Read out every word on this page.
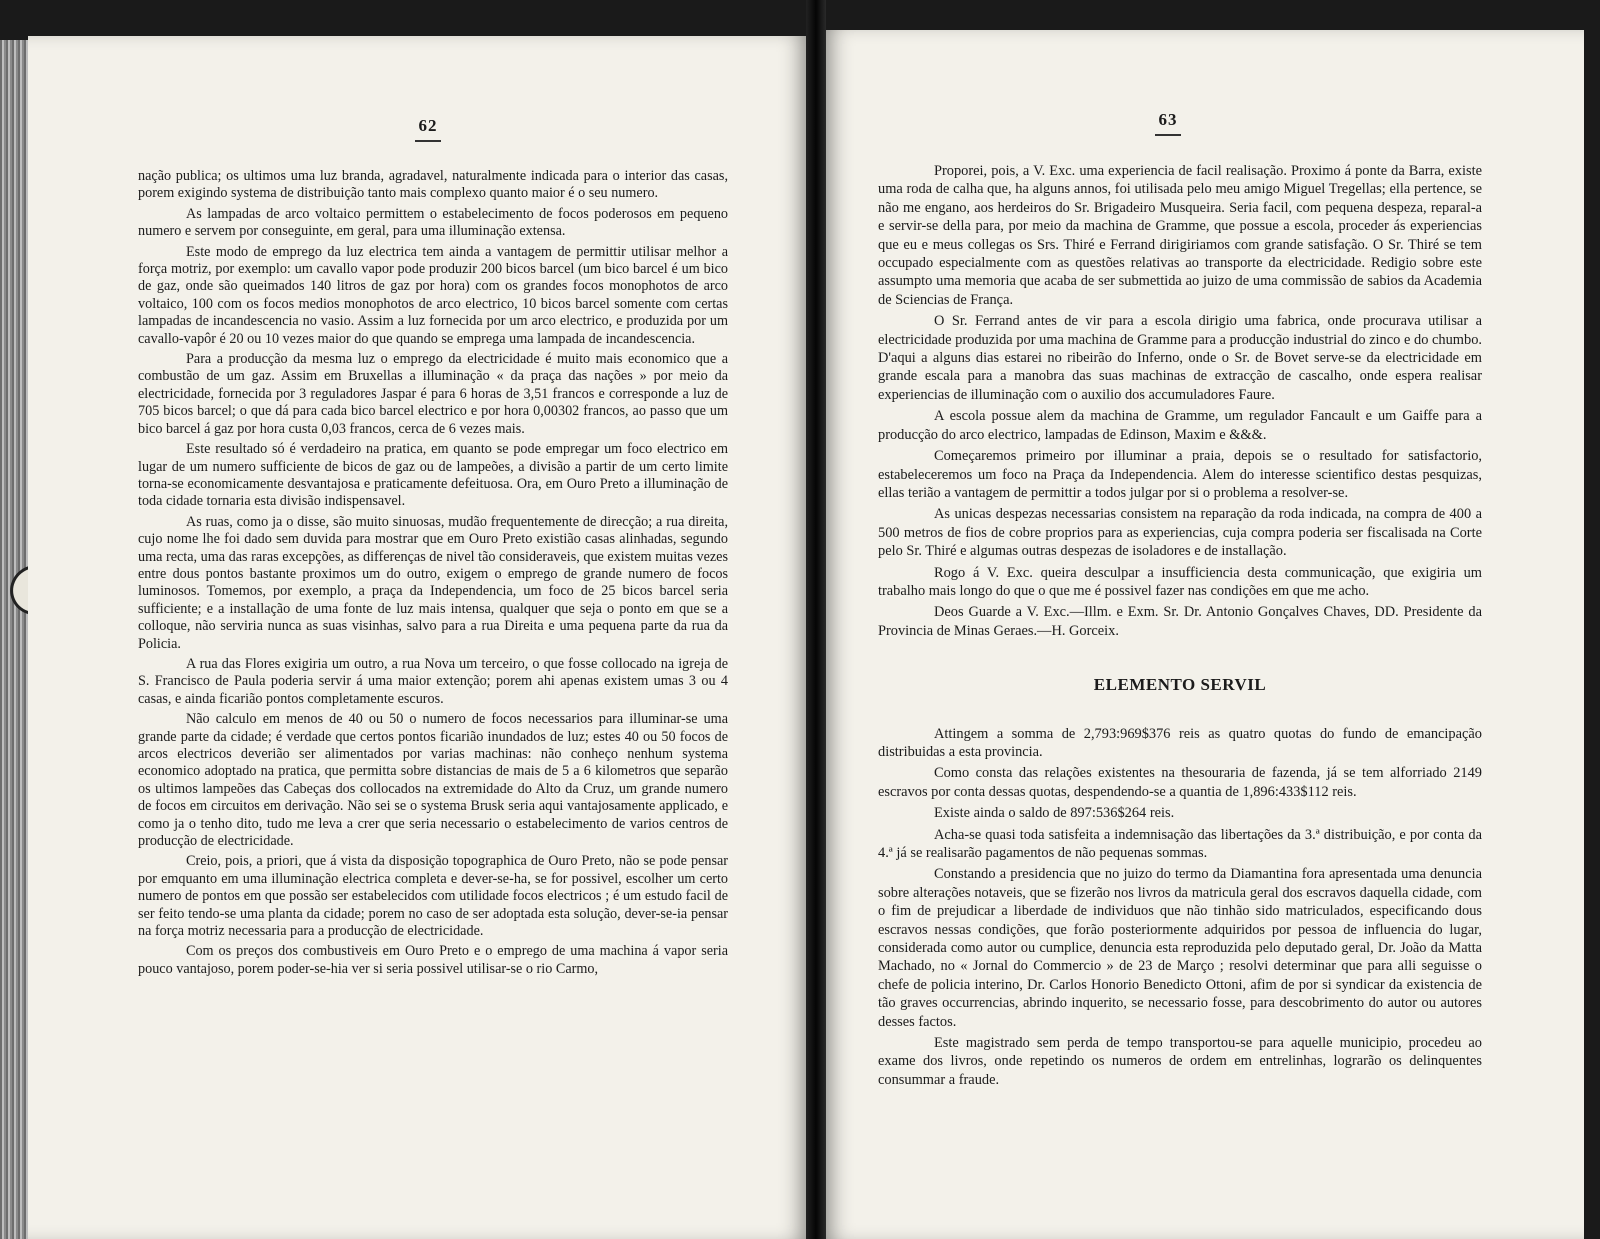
62

nação publica; os ultimos uma luz branda, agradavel, naturalmente indicada para o interior das casas, porem exigindo systema de distribuição tanto mais complexo quanto maior é o seu numero.

As lampadas de arco voltaico permittem o estabelecimento de focos poderosos em pequeno numero e servem por conseguinte, em geral, para uma illuminação extensa.

Este modo de emprego da luz electrica tem ainda a vantagem de permittir utilisar melhor a força motriz, por exemplo: um cavallo vapor pode produzir 200 bicos barcel (um bico barcel é um bico de gaz, onde são queimados 140 litros de gaz por hora) com os grandes focos monophotos de arco voltaico, 100 com os focos medios monophotos de arco electrico, 10 bicos barcel somente com certas lampadas de incandescencia no vasio. Assim a luz fornecida por um arco electrico, e produzida por um cavallo-vapôr é 20 ou 10 vezes maior do que quando se emprega uma lampada de incandescencia.

Para a producção da mesma luz o emprego da electricidade é muito mais economico que a combustão de um gaz. Assim em Bruxellas a illuminação « da praça das nações » por meio da electricidade, fornecida por 3 reguladores Jaspar é para 6 horas de 3,51 francos e corresponde a luz de 705 bicos barcel; o que dá para cada bico barcel electrico e por hora 0,00302 francos, ao passo que um bico barcel á gaz por hora custa 0,03 francos, cerca de 6 vezes mais.

Este resultado só é verdadeiro na pratica, em quanto se pode empregar um foco electrico em lugar de um numero sufficiente de bicos de gaz ou de lampeões, a divisão a partir de um certo limite torna-se economicamente desvantajosa e praticamente defeituosa. Ora, em Ouro Preto a illuminação de toda cidade tornaria esta divisão indispensavel.

As ruas, como ja o disse, são muito sinuosas, mudão frequentemente de direcção; a rua direita, cujo nome lhe foi dado sem duvida para mostrar que em Ouro Preto existião casas alinhadas, segundo uma recta, uma das raras excepções, as differenças de nivel tão consideraveis, que existem muitas vezes entre dous pontos bastante proximos um do outro, exigem o emprego de grande numero de focos luminosos. Tomemos, por exemplo, a praça da Independencia, um foco de 25 bicos barcel seria sufficiente; e a installação de uma fonte de luz mais intensa, qualquer que seja o ponto em que se a colloque, não serviria nunca as suas visinhas, salvo para a rua Direita e uma pequena parte da rua da Policia.

A rua das Flores exigiria um outro, a rua Nova um terceiro, o que fosse collocado na igreja de S. Francisco de Paula poderia servir á uma maior extenção; porem ahi apenas existem umas 3 ou 4 casas, e ainda ficarião pontos completamente escuros.

Não calculo em menos de 40 ou 50 o numero de focos necessarios para illuminar-se uma grande parte da cidade; é verdade que certos pontos ficarião inundados de luz; estes 40 ou 50 focos de arcos electricos deverião ser alimentados por varias machinas: não conheço nenhum systema economico adoptado na pratica, que permitta sobre distancias de mais de 5 a 6 kilometros que separão os ultimos lampeões das Cabeças dos collocados na extremidade do Alto da Cruz, um grande numero de focos em circuitos em derivação. Não sei se o systema Brusk seria aqui vantajosamente applicado, e como ja o tenho dito, tudo me leva a crer que seria necessario o estabelecimento de varios centros de producção de electricidade.

Creio, pois, a priori, que á vista da disposição topographica de Ouro Preto, não se pode pensar por emquanto em uma illuminação electrica completa e dever-se-ha, se for possivel, escolher um certo numero de pontos em que possão ser estabelecidos com utilidade focos electricos ; é um estudo facil de ser feito tendo-se uma planta da cidade; porem no caso de ser adoptada esta solução, dever-se-ia pensar na força motriz necessaria para a producção de electricidade.

Com os preços dos combustiveis em Ouro Preto e o emprego de uma machina á vapor seria pouco vantajoso, porem poder-se-hia ver si seria possivel utilisar-se o rio Carmo,

63

Proporei, pois, a V. Exc. uma experiencia de facil realisação. Proximo á ponte da Barra, existe uma roda de calha que, ha alguns annos, foi utilisada pelo meu amigo Miguel Tregellas; ella pertence, se não me engano, aos herdeiros do Sr. Brigadeiro Musqueira. Seria facil, com pequena despeza, reparal-a e servir-se della para, por meio da machina de Gramme, que possue a escola, proceder ás experiencias que eu e meus collegas os Srs. Thiré e Ferrand dirigiriamos com grande satisfação. O Sr. Thiré se tem occupado especialmente com as questões relativas ao transporte da electricidade. Redigio sobre este assumpto uma memoria que acaba de ser submettida ao juizo de uma commissão de sabios da Academia de Sciencias de França.

O Sr. Ferrand antes de vir para a escola dirigio uma fabrica, onde procurava utilisar a electricidade produzida por uma machina de Gramme para a producção industrial do zinco e do chumbo. D'aqui a alguns dias estarei no ribeirão do Inferno, onde o Sr. de Bovet serve-se da electricidade em grande escala para a manobra das suas machinas de extracção de cascalho, onde espera realisar experiencias de illuminação com o auxilio dos accumuladores Faure.

A escola possue alem da machina de Gramme, um regulador Fancault e um Gaiffe para a producção do arco electrico, lampadas de Edinson, Maxim e &&&.

Começaremos primeiro por illuminar a praia, depois se o resultado for satisfactorio, estabeleceremos um foco na Praça da Independencia. Alem do interesse scientifico destas pesquizas, ellas terião a vantagem de permittir a todos julgar por si o problema a resolver-se.

As unicas despezas necessarias consistem na reparação da roda indicada, na compra de 400 a 500 metros de fios de cobre proprios para as experiencias, cuja compra poderia ser fiscalisada na Corte pelo Sr. Thiré e algumas outras despezas de isoladores e de installação.

Rogo á V. Exc. queira desculpar a insufficiencia desta communicação, que exigiria um trabalho mais longo do que o que me é possivel fazer nas condições em que me acho.

Deos Guarde a V. Exc.—Illm. e Exm. Sr. Dr. Antonio Gonçalves Chaves, DD. Presidente da Provincia de Minas Geraes.—H. Gorceix.

ELEMENTO SERVIL

Attingem a somma de 2,793:969$376 reis as quatro quotas do fundo de emancipação distribuidas a esta provincia.

Como consta das relações existentes na thesouraria de fazenda, já se tem alforriado 2149 escravos por conta dessas quotas, despendendo-se a quantia de 1,896:433$112 reis.

Existe ainda o saldo de 897:536$264 reis.

Acha-se quasi toda satisfeita a indemnisação das libertações da 3.ª distribuição, e por conta da 4.ª já se realisarão pagamentos de não pequenas sommas.

Constando a presidencia que no juizo do termo da Diamantina fora apresentada uma denuncia sobre alterações notaveis, que se fizerão nos livros da matricula geral dos escravos daquella cidade, com o fim de prejudicar a liberdade de individuos que não tinhão sido matriculados, especificando dous escravos nessas condições, que forão posteriormente adquiridos por pessoa de influencia do lugar, considerada como autor ou cumplice, denuncia esta reproduzida pelo deputado geral, Dr. João da Matta Machado, no « Jornal do Commercio » de 23 de Março ; resolvi determinar que para alli seguisse o chefe de policia interino, Dr. Carlos Honorio Benedicto Ottoni, afim de por si syndicar da existencia de tão graves occurrencias, abrindo inquerito, se necessario fosse, para descobrimento do autor ou autores desses factos.

Este magistrado sem perda de tempo transportou-se para aquelle municipio, procedeu ao exame dos livros, onde repetindo os numeros de ordem em entrelinhas, lograrão os delinquentes consummar a fraude.
